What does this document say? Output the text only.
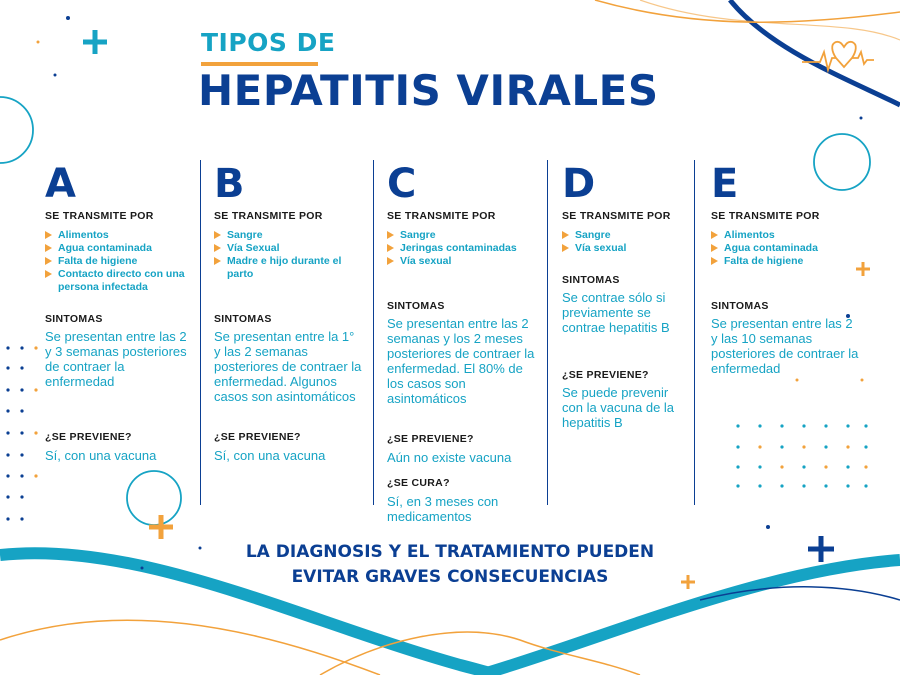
TIPOS DE
HEPATITIS VIRALES
A
SE TRANSMITE POR
Alimentos
Agua contaminada
Falta de higiene
Contacto directo con una persona infectada
SINTOMAS
Se presentan entre las 2 y 3 semanas posteriores de contraer la enfermedad
¿SE PREVIENE?
Sí, con una vacuna
B
SE TRANSMITE POR
Sangre
Vía Sexual
Madre e hijo durante el parto
SINTOMAS
Se presentan entre la 1° y las 2 semanas posteriores de contraer la enfermedad. Algunos casos son asintomáticos
¿SE PREVIENE?
Sí, con una vacuna
C
SE TRANSMITE POR
Sangre
Jeringas contaminadas
Vía sexual
SINTOMAS
Se presentan entre las 2 semanas y los 2 meses posteriores de contraer la enfermedad. El 80% de los casos son asintomáticos
¿SE PREVIENE?
Aún no existe vacuna
¿SE CURA?
Sí, en 3 meses con medicamentos
D
SE TRANSMITE POR
Sangre
Vía sexual
SINTOMAS
Se contrae sólo si previamente se contrae hepatitis B
¿SE PREVIENE?
Se puede prevenir con la vacuna de la hepatitis B
E
SE TRANSMITE POR
Alimentos
Agua contaminada
Falta de higiene
SINTOMAS
Se presentan entre las 2 y las 10 semanas posteriores de contraer la enfermedad
LA DIAGNOSIS Y EL TRATAMIENTO PUEDEN
EVITAR GRAVES CONSECUENCIAS
